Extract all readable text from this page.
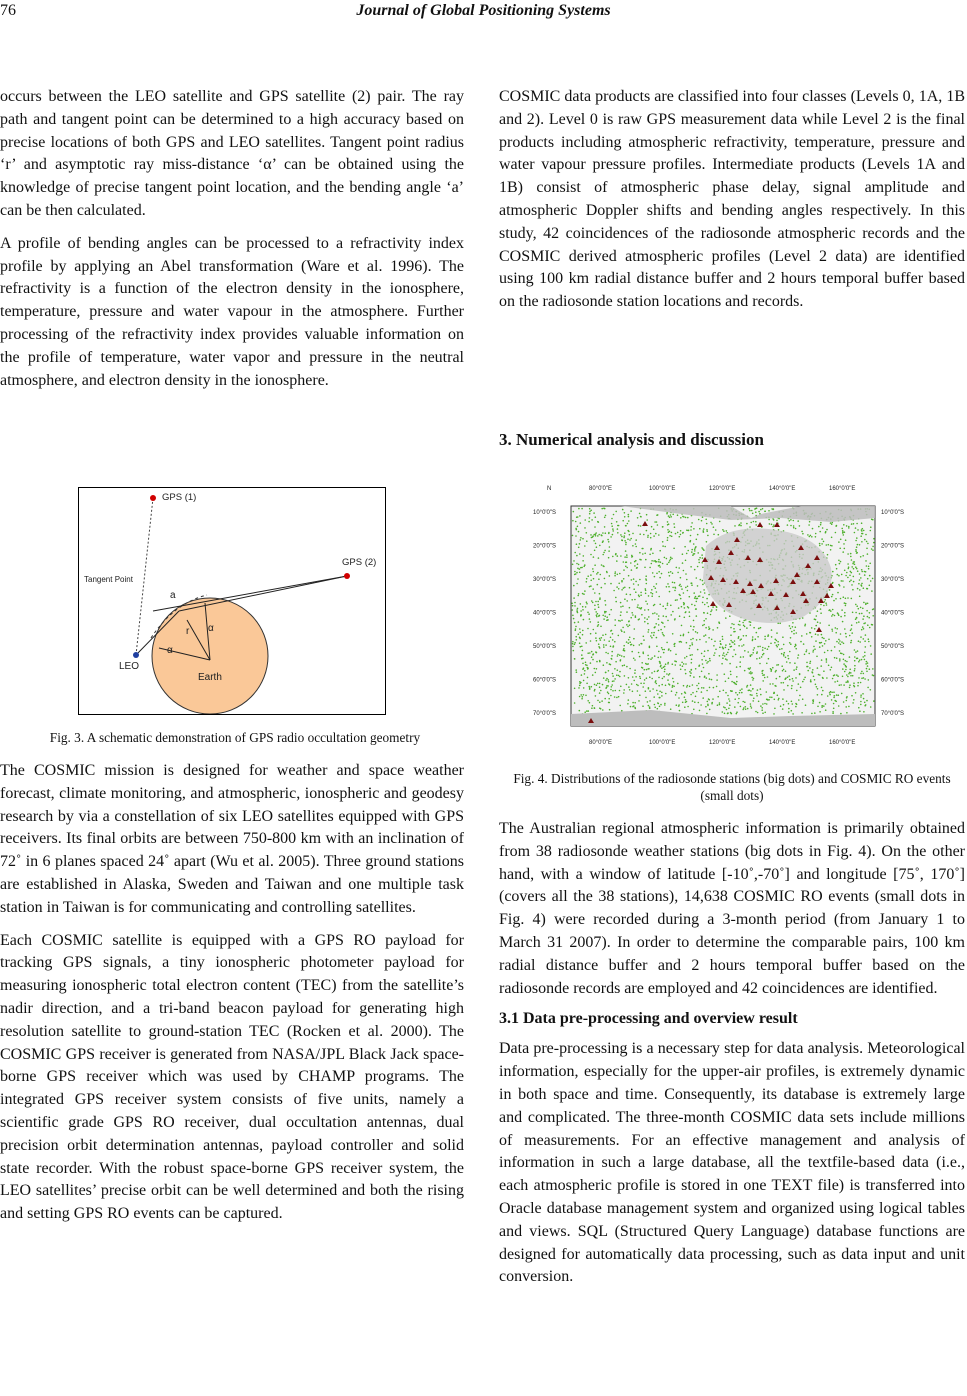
76	Journal of Global Positioning Systems

occurs between the LEO satellite and GPS satellite (2) pair. The ray path and tangent point can be determined to a high accuracy based on precise locations of both GPS and LEO satellites. Tangent point radius ‘r’ and asymptotic ray miss-distance ‘α’ can be obtained using the knowledge of precise tangent point location, and the bending angle ‘a’ can be then calculated.

A profile of bending angles can be processed to a refractivity index profile by applying an Abel transformation (Ware et al. 1996). The refractivity is a function of the electron density in the ionosphere, temperature, pressure and water vapour in the atmosphere. Further processing of the refractivity index provides valuable information on the profile of temperature, water vapor and pressure in the neutral atmosphere, and electron density in the ionosphere.

GPS (1)
GPS (2)
Tangent Point
a
r α
α
LEO
Earth
Fig. 3. A schematic demonstration of GPS radio occultation geometry

The COSMIC mission is designed for weather and space weather forecast, climate monitoring, and atmospheric, ionospheric and geodesy research by via a constellation of six LEO satellites equipped with GPS receivers. Its final orbits are between 750-800 km with an inclination of 72˚ in 6 planes spaced 24˚ apart (Wu et al. 2005). Three ground stations are established in Alaska, Sweden and Taiwan and one multiple task station in Taiwan is for communicating and controlling satellites.

Each COSMIC satellite is equipped with a GPS RO payload for tracking GPS signals, a tiny ionospheric photometer payload for measuring ionospheric total electron content (TEC) from the satellite’s nadir direction, and a tri-band beacon payload for generating high resolution satellite to ground-station TEC (Rocken et al. 2000). The COSMIC GPS receiver is generated from NASA/JPL Black Jack space-borne GPS receiver which was used by CHAMP programs. The integrated GPS receiver system consists of five units, namely a scientific grade GPS RO receiver, dual occultation antennas, dual precision orbit determination antennas, payload controller and solid state recorder. With the robust space-borne GPS receiver system, the LEO satellites’ precise orbit can be well determined and both the rising and setting GPS RO events can be captured.

COSMIC data products are classified into four classes (Levels 0, 1A, 1B and 2). Level 0 is raw GPS measurement data while Level 2 is the final products including atmospheric refractivity, temperature, pressure and water vapour pressure profiles. Intermediate products (Levels 1A and 1B) consist of atmospheric phase delay, signal amplitude and atmospheric Doppler shifts and bending angles respectively. In this study, 42 coincidences of the radiosonde atmospheric records and the COSMIC derived atmospheric profiles (Level 2 data) are identified using 100 km radial distance buffer and 2 hours temporal buffer based on the radiosonde station locations and records.

3. Numerical analysis and discussion
80°0'0"E
80°0'0"E
100°0'0"E
100°0'0"E
120°0'0"E
120°0'0"E
140°0'0"E
140°0'0"E
160°0'0"E
160°0'0"E
10°0'0"S	10°0'0"S
20°0'0"S	20°0'0"S
30°0'0"S	30°0'0"S
40°0'0"S	40°0'0"S
50°0'0"S	50°0'0"S
60°0'0"S	60°0'0"S
70°0'0"S	70°0'0"S
N
Fig. 4. Distributions of the radiosonde stations (big dots) and COSMIC RO events (small dots)

The Australian regional atmospheric information is primarily obtained from 38 radiosonde weather stations (big dots in Fig. 4). On the other hand, with a window of latitude [-10˚,-70˚] and longitude [75˚, 170˚] (covers all the 38 stations), 14,638 COSMIC RO events (small dots in Fig. 4) were recorded during a 3-month period (from January 1 to March 31 2007). In order to determine the comparable pairs, 100 km radial distance buffer and 2 hours temporal buffer based on the radiosonde records are employed and 42 coincidences are identified.

3.1 Data pre-processing and overview result

Data pre-processing is a necessary step for data analysis. Meteorological information, especially for the upper-air profiles, is extremely dynamic in both space and time. Consequently, its database is extremely large and complicated. The three-month COSMIC data sets include millions of measurements. For an effective management and analysis of information in such a large database, all the textfile-based data (i.e., each atmospheric profile is stored in one TEXT file) is transferred into Oracle database management system and organized using logical tables and views. SQL (Structured Query Language) database functions are designed for automatically data processing, such as data input and unit conversion.
